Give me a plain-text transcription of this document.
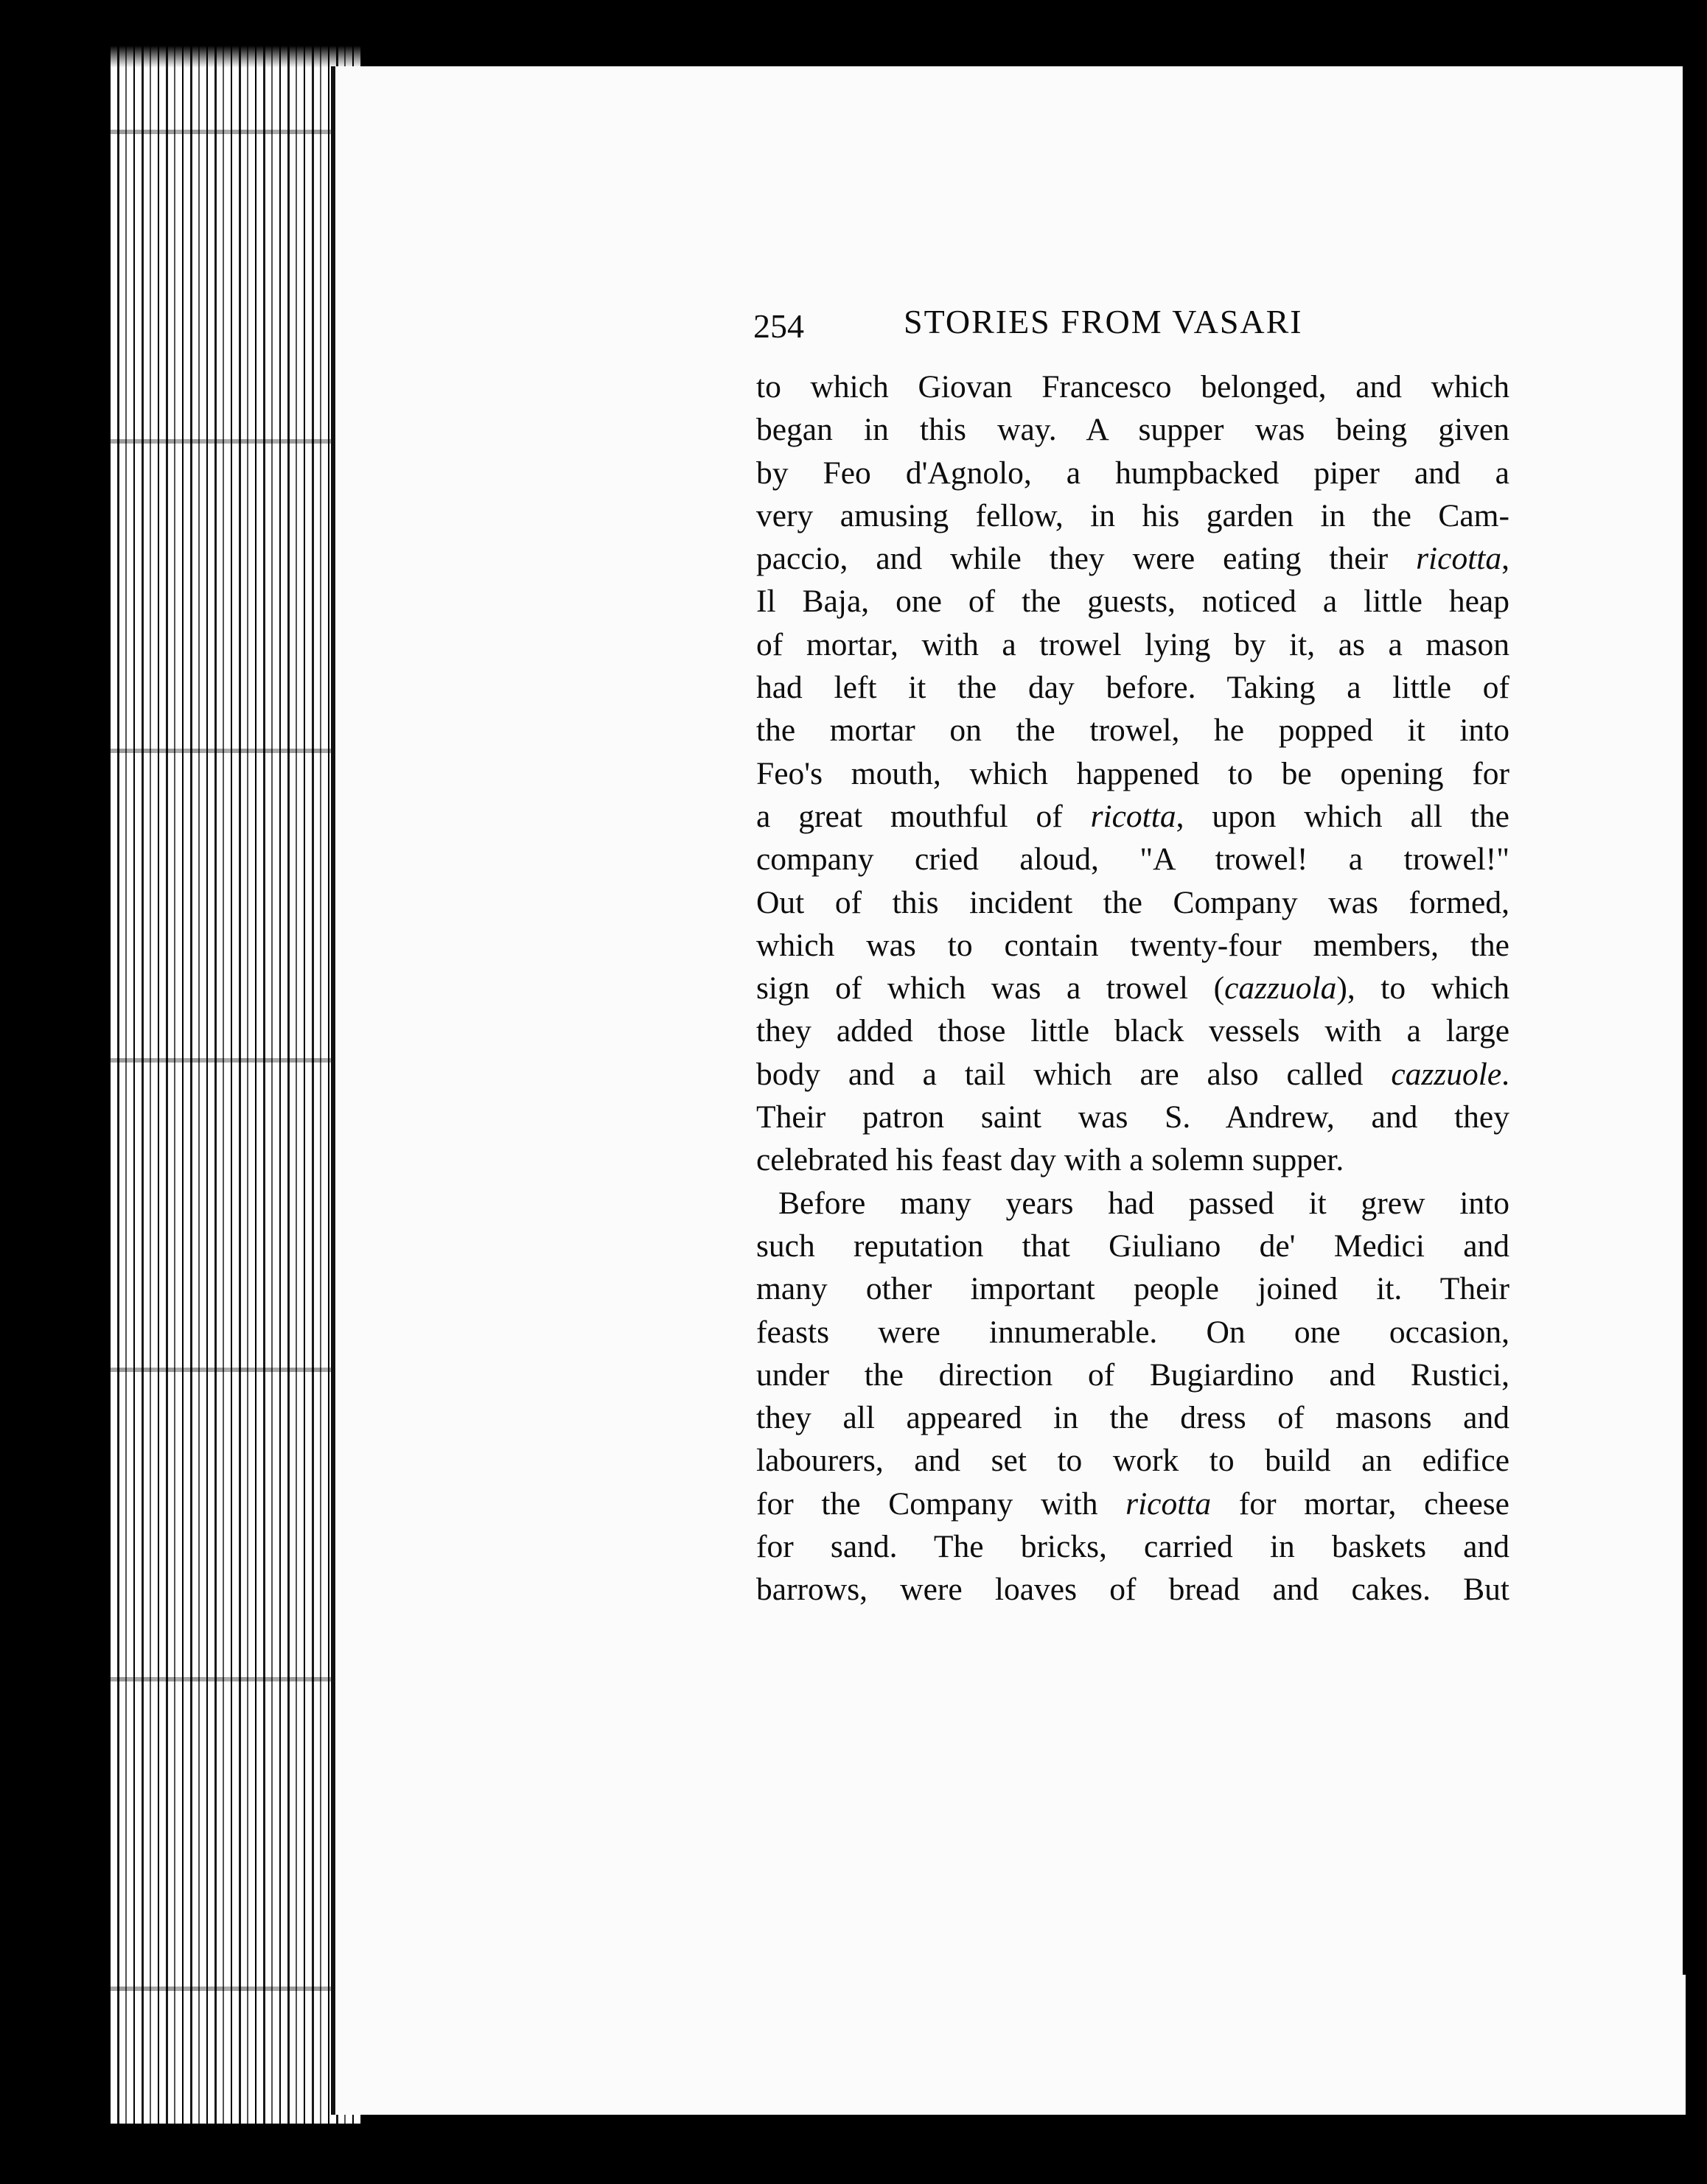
254	STORIES FROM VASARI
to which Giovan Francesco belonged, and which
began in this way. A supper was being given
by Feo d'Agnolo, a humpbacked piper and a
very amusing fellow, in his garden in the Cam-
paccio, and while they were eating their ricotta,
Il Baja, one of the guests, noticed a little heap
of mortar, with a trowel lying by it, as a mason
had left it the day before. Taking a little of
the mortar on the trowel, he popped it into
Feo's mouth, which happened to be opening for
a great mouthful of ricotta, upon which all the
company cried aloud, "A trowel! a trowel!"
Out of this incident the Company was formed,
which was to contain twenty-four members, the
sign of which was a trowel (cazzuola), to which
they added those little black vessels with a large
body and a tail which are also called cazzuole.
Their patron saint was S. Andrew, and they
celebrated his feast day with a solemn supper.
Before many years had passed it grew into
such reputation that Giuliano de' Medici and
many other important people joined it. Their
feasts were innumerable. On one occasion,
under the direction of Bugiardino and Rustici,
they all appeared in the dress of masons and
labourers, and set to work to build an edifice
for the Company with ricotta for mortar, cheese
for sand. The bricks, carried in baskets and
barrows, were loaves of bread and cakes. But
